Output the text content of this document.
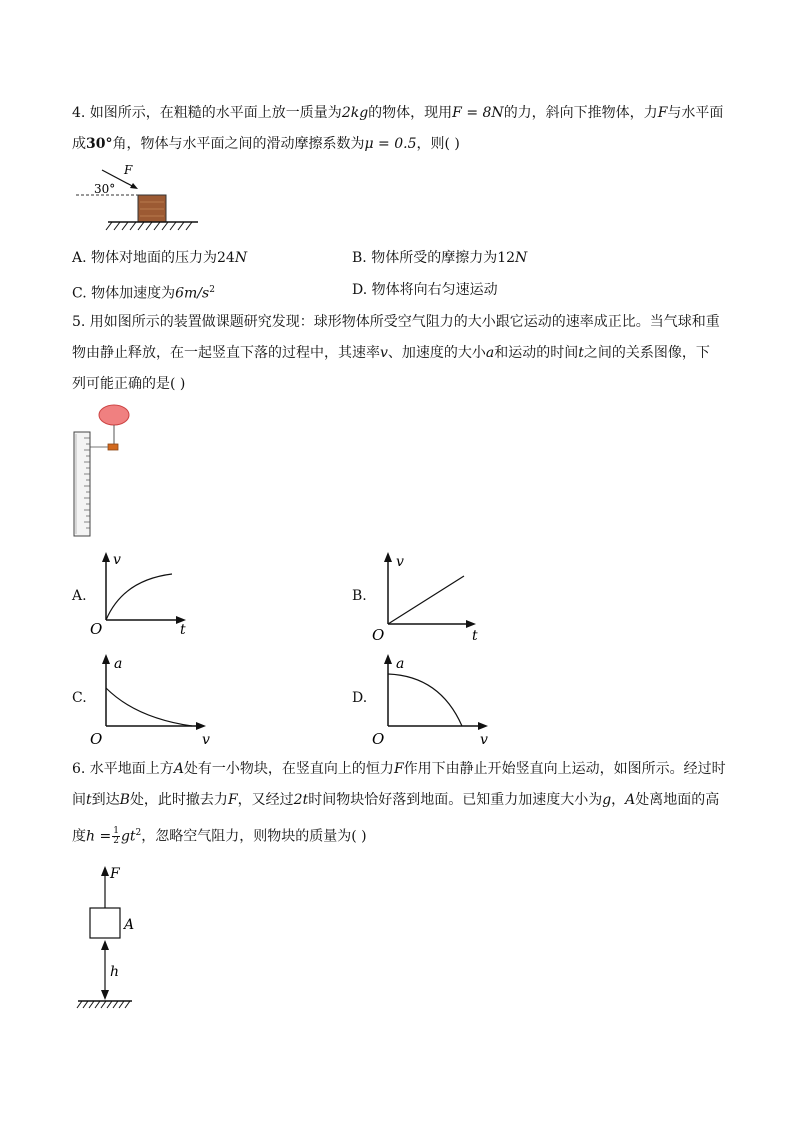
4. 如图所示，在粗糙的水平面上放一质量为2kg的物体，现用F = 8N的力，斜向下推物体，力F与水平面
成30°角，物体与水平面之间的滑动摩擦系数为μ = 0.5，则( )
F
30°
A. 物体对地面的压力为24N	B. 物体所受的摩擦力为12N
C. 物体加速度为$6m/s^2$	D. 物体将向右匀速运动
5. 用如图所示的装置做课题研究发现：球形物体所受空气阻力的大小跟它运动的速率成正比。当气球和重
物由静止释放，在一起竖直下落的过程中，其速率v、加速度的大小a和运动的时间t之间的关系图像，下
列可能正确的是( )
A.
v
t
O
B.
v
t
O
C.
a
v
O
D.
a
v
O
6. 水平地面上方A处有一小物块，在竖直向上的恒力F作用下由静止开始竖直向上运动，如图所示。经过时
间t到达B处，此时撤去力F，又经过2t时间物块恰好落到地面。已知重力加速度大小为g，A处离地面的高
度$h = \frac{1}{2} gt^2$，忽略空气阻力，则物块的质量为( )
F
A
h
